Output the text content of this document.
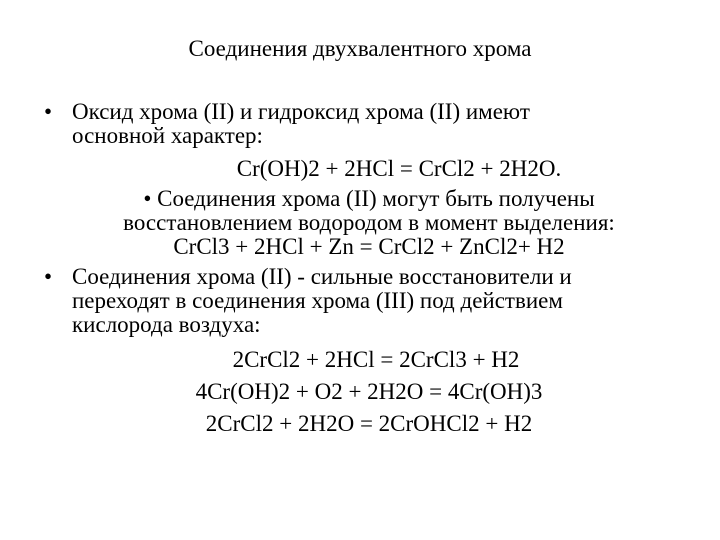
Соединения двухвалентного хрома
• Оксид хрома (II) и гидроксид хрома (II) имеют
основной характер:
Cr(OH)2 + 2HCl = CrCl2 + 2H2O.
• Соединения хрома (II) могут быть получены
восстановлением водородом в момент выделения:
CrCl3 + 2HCl + Zn = CrCl2 + ZnCl2+ H2
• Соединения хрома (II) - сильные восстановители и
переходят в соединения хрома (III) под действием
кислорода воздуха:
2CrCl2 + 2HCl = 2CrCl3 + H2
4Cr(OH)2 + O2 + 2H2O = 4Cr(OH)3
2CrCl2 + 2H2O = 2CrOHCl2 + H2
